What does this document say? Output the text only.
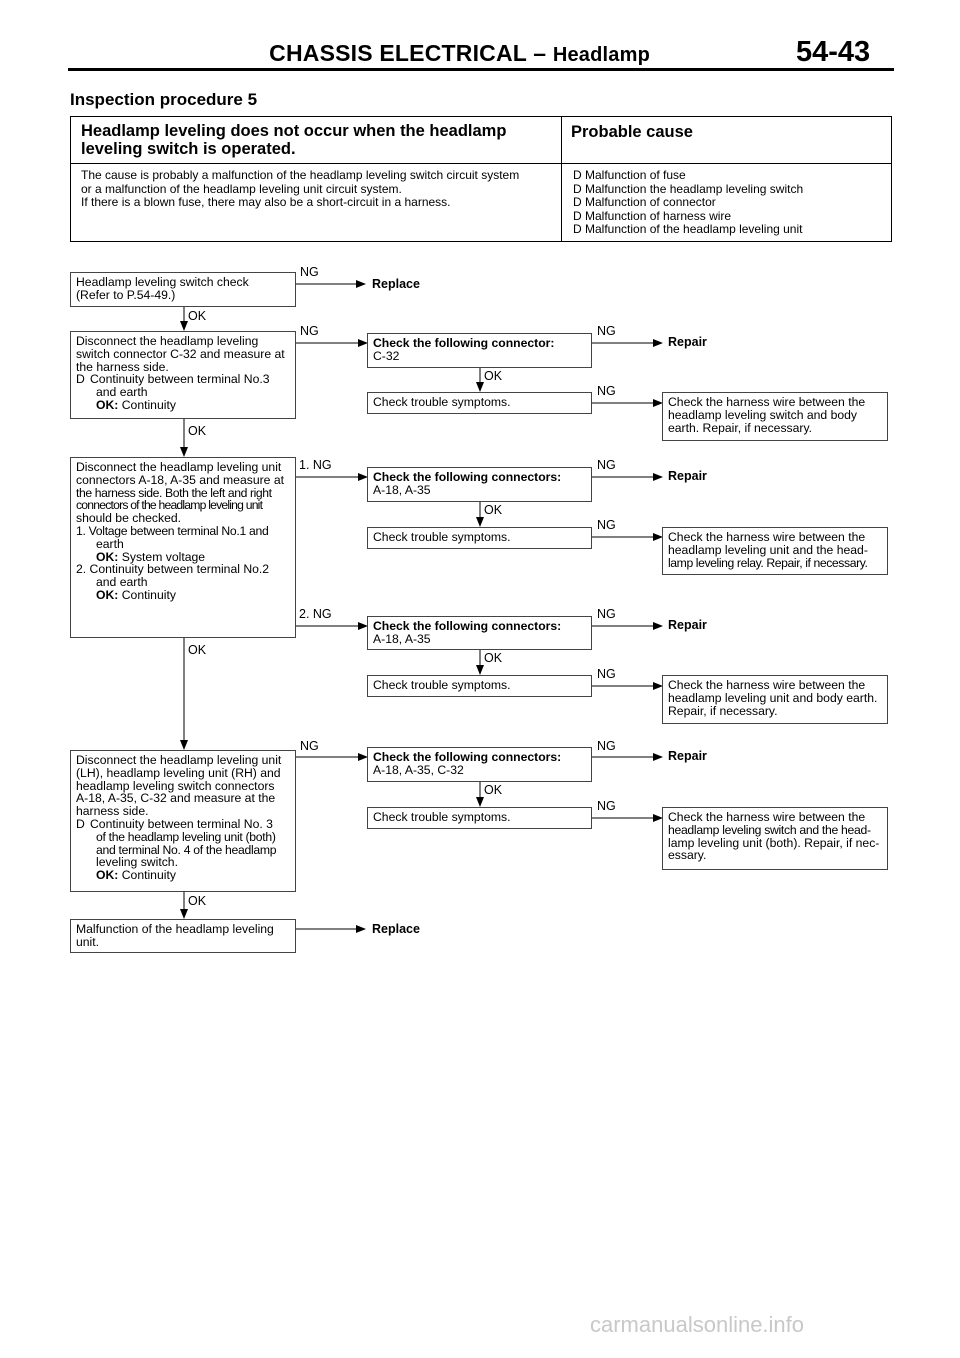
CHASSIS ELECTRICAL – Headlamp	54-43
Inspection procedure 5
Headlamp leveling does not occur when the headlamp leveling switch is operated.
Probable cause
The cause is probably a malfunction of the headlamp leveling switch circuit system
or a malfunction of the headlamp leveling unit circuit system.
If there is a blown fuse, there may also be a short-circuit in a harness.
D Malfunction of fuse
D Malfunction the headlamp leveling switch
D Malfunction of connector
D Malfunction of harness wire
D Malfunction of the headlamp leveling unit
Headlamp leveling switch check
(Refer to P.54-49.)
NG
Replace
OK
Disconnect the headlamp leveling
switch connector C-32 and measure at
the harness side.
D Continuity between terminal No.3
and earth
OK: Continuity
NG
OK
Check the following connector:
C-32
NG
Repair
OK
Check trouble symptoms.
NG
Check the harness wire between the
headlamp leveling switch and body
earth. Repair, if necessary.
Disconnect the headlamp leveling unit
connectors A-18, A-35 and measure at
the harness side. Both the left and right
connectors of the headlamp leveling unit
should be checked.
1. Voltage between terminal No.1 and
earth
OK: System voltage
2. Continuity between terminal No.2
and earth
OK: Continuity
1. NG
2. NG
OK
Check the following connectors:
A-18, A-35
NG
Repair
OK
Check trouble symptoms.
NG
Check the harness wire between the
headlamp leveling unit and the head-
lamp leveling relay. Repair, if necessary.
Check the following connectors:
A-18, A-35
NG
Repair
OK
Check trouble symptoms.
NG
Check the harness wire between the
headlamp leveling unit and body earth.
Repair, if necessary.
Disconnect the headlamp leveling unit
(LH), headlamp leveling unit (RH) and
headlamp leveling switch connectors
A-18, A-35, C-32 and measure at the
harness side.
D Continuity between terminal No. 3
of the headlamp leveling unit (both)
and terminal No. 4 of the headlamp
leveling switch.
OK: Continuity
NG
OK
Check the following connectors:
A-18, A-35, C-32
NG
Repair
OK
Check trouble symptoms.
NG
Check the harness wire between the
headlamp leveling switch and the head-
lamp leveling unit (both). Repair, if nec-
essary.
Malfunction of the headlamp leveling
unit.
Replace
carmanualsonline.info
